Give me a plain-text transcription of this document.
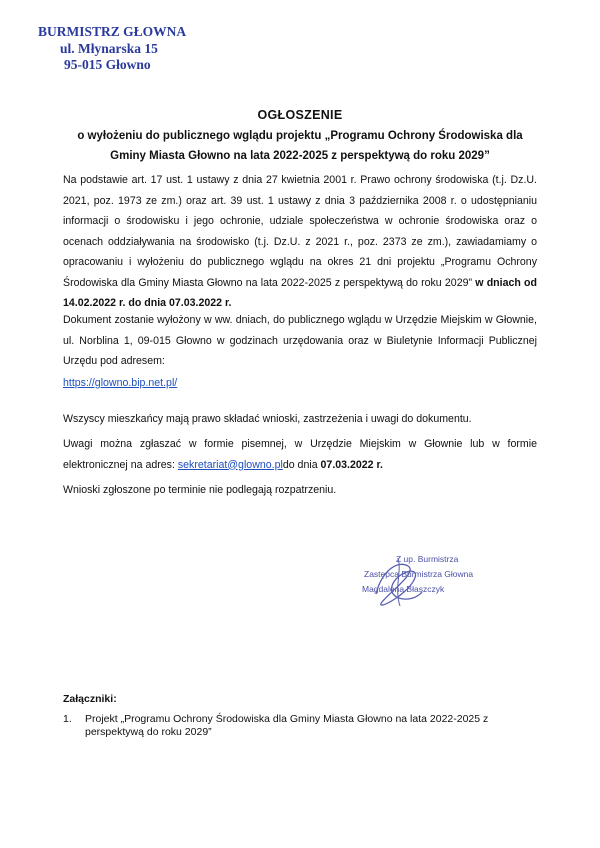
BURMISTRZ GŁOWNA
ul. Młynarska 15
95-015 Głowno
OGŁOSZENIE
o wyłożeniu do publicznego wglądu projektu „Programu Ochrony Środowiska dla
Gminy Miasta Głowno na lata 2022-2025 z perspektywą do roku 2029”
Na podstawie art. 17 ust. 1 ustawy z dnia 27 kwietnia 2001 r. Prawo ochrony środowiska (t.j. Dz.U. 2021, poz. 1973 ze zm.) oraz art. 39 ust. 1 ustawy z dnia 3 października 2008 r. o udostępnianiu informacji o środowisku i jego ochronie, udziale społeczeństwa w ochronie środowiska oraz o ocenach oddziaływania na środowisko (t.j. Dz.U. z 2021 r., poz. 2373 ze zm.), zawiadamiamy o opracowaniu i wyłożeniu do publicznego wglądu na okres 21 dni projektu „Programu Ochrony Środowiska dla Gminy Miasta Głowno na lata 2022-2025 z perspektywą do roku 2029” w dniach od 14.02.2022 r. do dnia 07.03.2022 r.
Dokument zostanie wyłożony w ww. dniach, do publicznego wglądu w Urzędzie Miejskim w Głownie, ul. Norblina 1, 09-015 Głowno w godzinach urzędowania oraz w Biuletynie Informacji Publicznej Urzędu pod adresem:
https://glowno.bip.net.pl/
Wszyscy mieszkańcy mają prawo składać wnioski, zastrzeżenia i uwagi do dokumentu.
Uwagi można zgłaszać w formie pisemnej, w Urzędzie Miejskim w Głownie lub w formie elektronicznej na adres: sekretariat@glowno.pldo dnia 07.03.2022 r.
Wnioski zgłoszone po terminie nie podlegają rozpatrzeniu.
Z up. Burmistrza
Zastępca Burmistrza Głowna
Magdalena Błaszczyk
Załączniki:
1.	Projekt „Programu Ochrony Środowiska dla Gminy Miasta Głowno na lata 2022-2025 z perspektywą do roku 2029”
